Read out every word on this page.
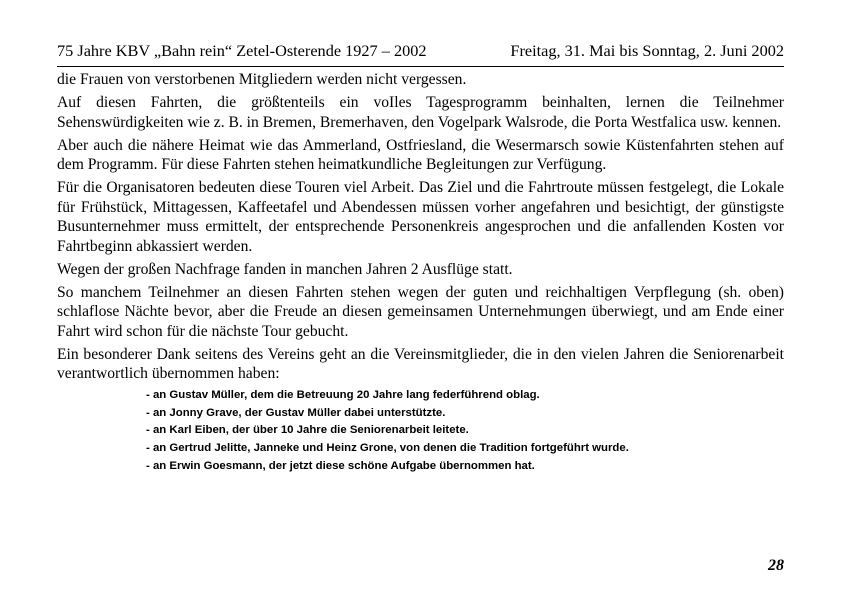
75 Jahre KBV „Bahn rein“ Zetel-Osterende 1927 – 2002	Freitag, 31. Mai bis Sonntag, 2. Juni 2002

die Frauen von verstorbenen Mitgliedern werden nicht vergessen.

Auf diesen Fahrten, die größtenteils ein voIles Tagesprogramm beinhalten, lernen die Teilnehmer Sehenswürdigkeiten wie z. B. in Bremen, Bremerhaven, den Vogelpark Walsrode, die Porta Westfalica usw. kennen.

Aber auch die nähere Heimat wie das Ammerland, Ostfriesland, die Wesermarsch sowie Küstenfahrten stehen auf dem Programm. Für diese Fahrten stehen heimatkundliche Begleitungen zur Verfügung.

Für die Organisatoren bedeuten diese Touren viel Arbeit. Das Ziel und die Fahrtroute müssen festgelegt, die Lokale für Frühstück, Mittagessen, Kaffeetafel und Abendessen müssen vorher angefahren und besichtigt, der günstigste Busunternehmer muss ermittelt, der entsprechende Personenkreis angesprochen und die anfallenden Kosten vor Fahrtbeginn abkassiert werden.

Wegen der großen Nachfrage fanden in manchen Jahren 2 Ausflüge statt.

So manchem Teilnehmer an diesen Fahrten stehen wegen der guten und reichhaltigen Verpflegung (sh. oben) schlaflose Nächte bevor, aber die Freude an diesen gemeinsamen Unternehmungen überwiegt, und am Ende einer Fahrt wird schon für die nächste Tour gebucht.

Ein besonderer Dank seitens des Vereins geht an die Vereinsmitglieder, die in den vielen Jahren die Seniorenarbeit verantwortlich übernommen haben:

- an Gustav Müller, dem die Betreuung 20 Jahre lang federführend oblag.
- an Jonny Grave, der Gustav Müller dabei unterstützte.
- an Karl Eiben, der über 10 Jahre die Seniorenarbeit leitete.
- an Gertrud Jelitte, Janneke und Heinz Grone, von denen die Tradition fortgeführt wurde.
- an Erwin Goesmann, der jetzt diese schöne Aufgabe übernommen hat.
28
